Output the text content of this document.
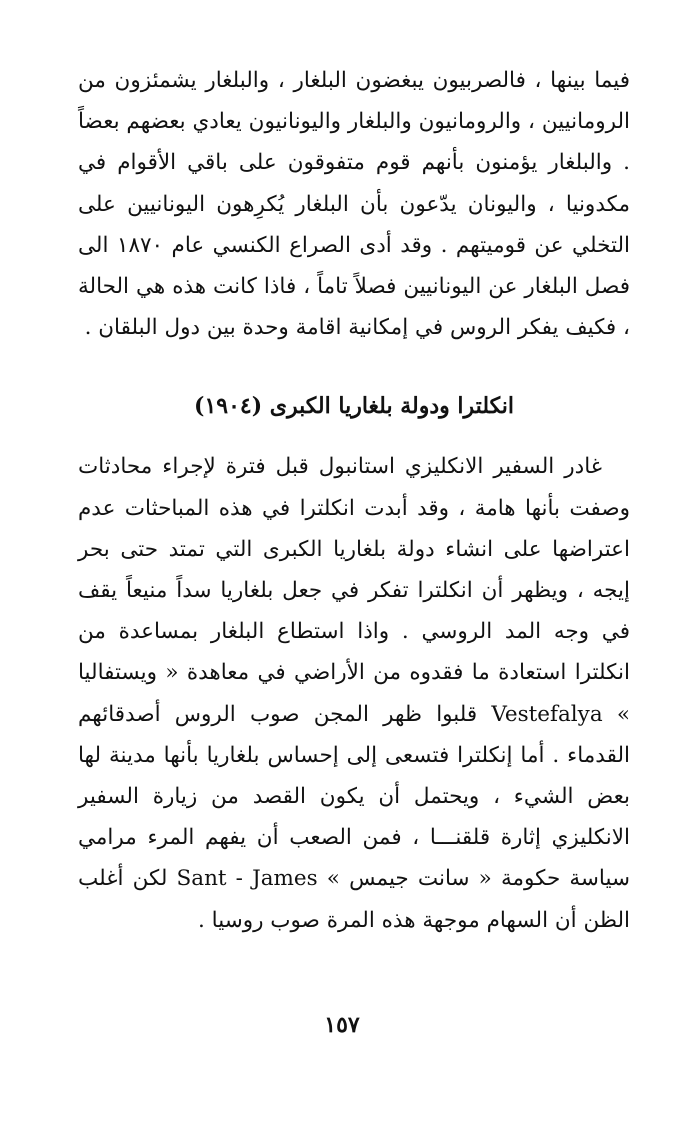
فيما بينها ، فالصربيون يبغضون البلغار ، والبلغار يشمئزون من الرومانيين ، والرومانيون والبلغار واليونانيون يعادي بعضهم بعضاً . والبلغار يؤمنون بأنهم قوم متفوقون على باقي الأقوام في مكدونيا ، واليونان يدّعون بأن البلغار يُكرِهون اليونانيين على التخلي عن قوميتهم . وقد أدى الصراع الكنسي عام ١٨٧٠ الى فصل البلغار عن اليونانيين فصلاً تاماً ، فاذا كانت هذه هي الحالة ، فكيف يفكر الروس في إمكانية اقامة وحدة بين دول البلقان .

انكلترا ودولة بلغاريا الكبرى (١٩٠٤)

غادر السفير الانكليزي استانبول قبل فترة لإجراء محادثات وصفت بأنها هامة ، وقد أبدت انكلترا في هذه المباحثات عدم اعتراضها على انشاء دولة بلغاريا الكبرى التي تمتد حتى بحر إيجه ، ويظهر أن انكلترا تفكر في جعل بلغاريا سداً منيعاً يقف في وجه المد الروسي . واذا استطاع البلغار بمساعدة من انكلترا استعادة ما فقدوه من الأراضي في معاهدة « ويستفاليا » Vestefalya قلبوا ظهر المجن صوب الروس أصدقائهم القدماء . أما إنكلترا فتسعى إلى إحساس بلغاريا بأنها مدينة لها بعض الشيء ، ويحتمل أن يكون القصد من زيارة السفير الانكليزي إثارة قلقنـــا ، فمن الصعب أن يفهم المرء مرامي سياسة حكومة « سانت جيمس » Sant - James لكن أغلب الظن أن السهام موجهة هذه المرة صوب روسيا .

١٥٧
